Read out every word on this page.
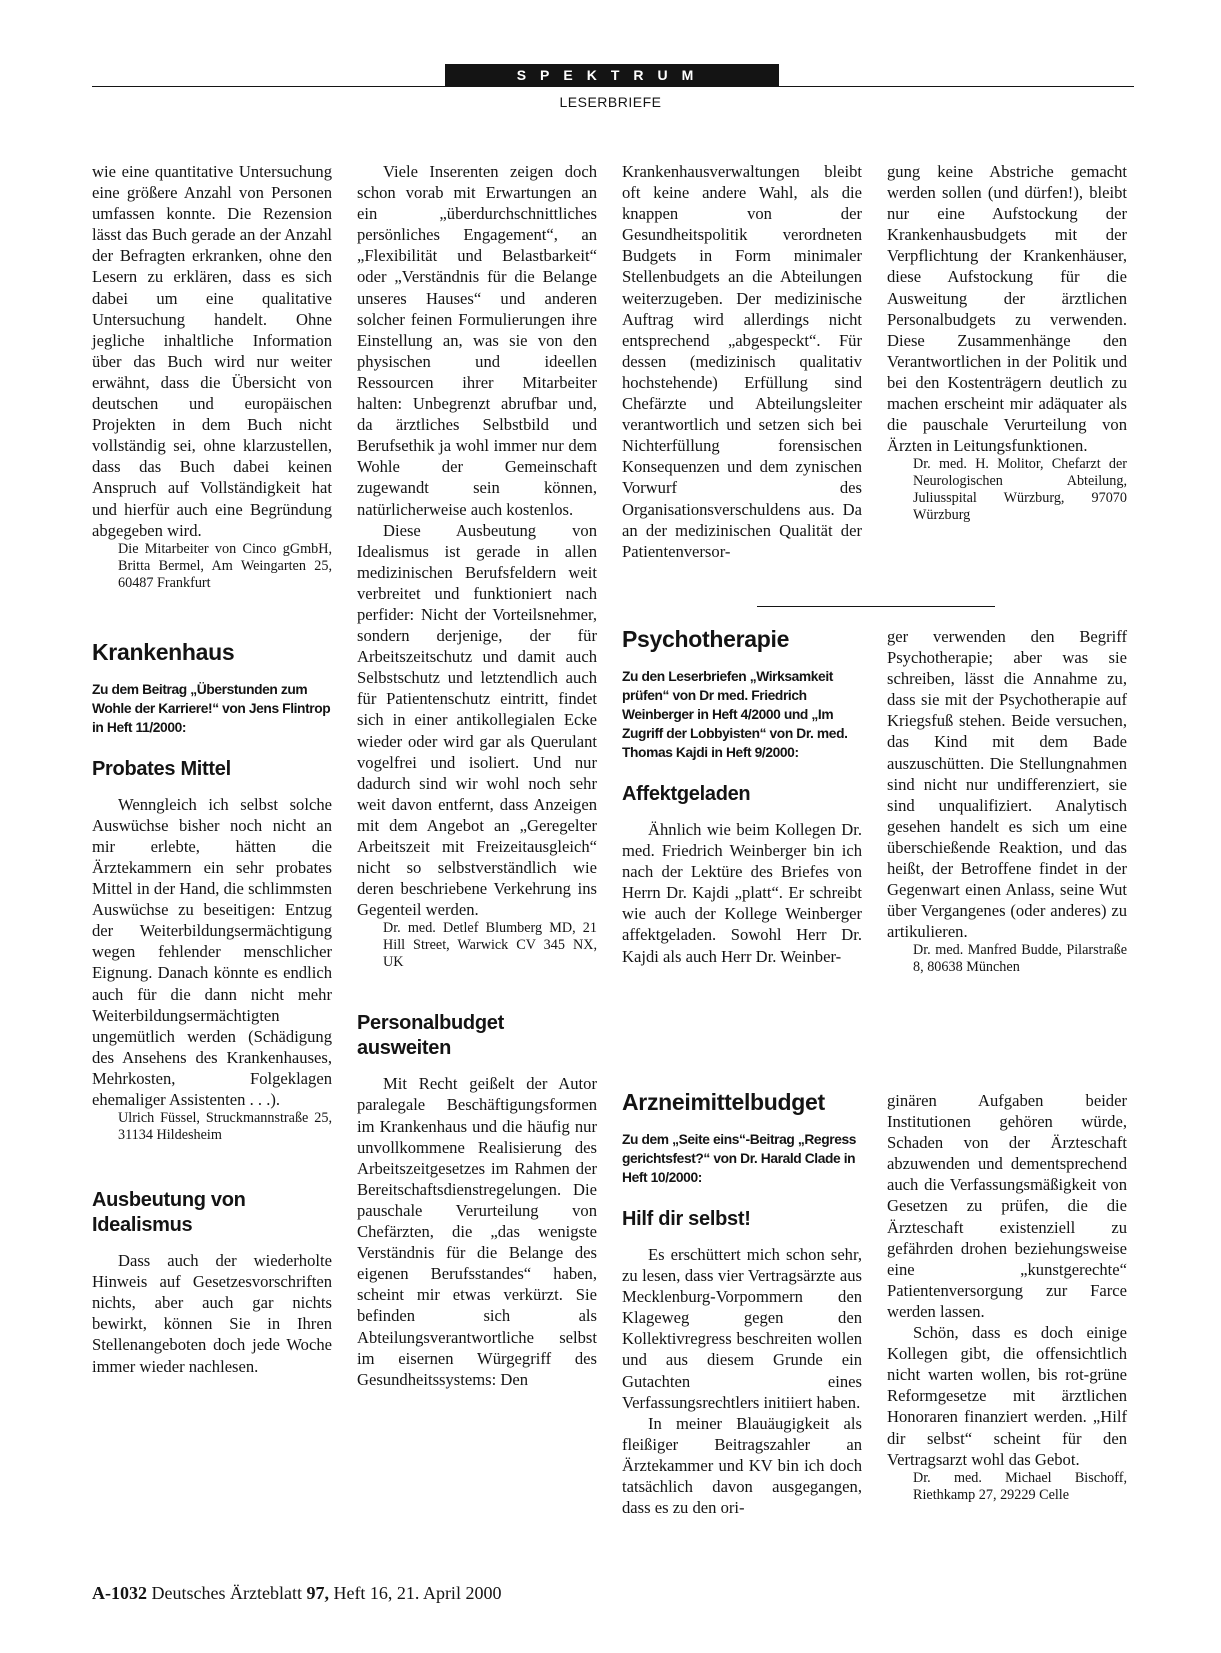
SPEKTRUM
LESERBRIEFE

wie eine quantitative Untersuchung eine größere Anzahl von Personen umfassen konnte. Die Rezension lässt das Buch gerade an der Anzahl der Befragten erkranken, ohne den Lesern zu erklären, dass es sich dabei um eine qualitative Untersuchung handelt. Ohne jegliche inhaltliche Information über das Buch wird nur weiter erwähnt, dass die Übersicht von deutschen und europäischen Projekten in dem Buch nicht vollständig sei, ohne klarzustellen, dass das Buch dabei keinen Anspruch auf Vollständigkeit hat und hierfür auch eine Begründung abgegeben wird.

Die Mitarbeiter von Cinco gGmbH, Britta Bermel, Am Weingarten 25, 60487 Frankfurt

Krankenhaus
Zu dem Beitrag „Überstunden zum Wohle der Karriere!“ von Jens Flintrop in Heft 11/2000:
Probates Mittel

Wenngleich ich selbst solche Auswüchse bisher noch nicht an mir erlebte, hätten die Ärztekammern ein sehr probates Mittel in der Hand, die schlimmsten Auswüchse zu beseitigen: Entzug der Weiterbildungsermächtigung wegen fehlender menschlicher Eignung. Danach könnte es endlich auch für die dann nicht mehr Weiterbildungsermächtigten ungemütlich werden (Schädigung des Ansehens des Krankenhauses, Mehrkosten, Folgeklagen ehemaliger Assistenten . . .).

Ulrich Füssel, Struckmannstraße 25, 31134 Hildesheim

Ausbeutung von Idealismus

Dass auch der wiederholte Hinweis auf Gesetzesvorschriften nichts, aber auch gar nichts bewirkt, können Sie in Ihren Stellenangeboten doch jede Woche immer wieder nachlesen.

Viele Inserenten zeigen doch schon vorab mit Erwartungen an ein „überdurchschnittliches persönliches Engagement“, an „Flexibilität und Belastbarkeit“ oder „Verständnis für die Belange unseres Hauses“ und anderen solcher feinen Formulierungen ihre Einstellung an, was sie von den physischen und ideellen Ressourcen ihrer Mitarbeiter halten: Unbegrenzt abrufbar und, da ärztliches Selbstbild und Berufsethik ja wohl immer nur dem Wohle der Gemeinschaft zugewandt sein können, natürlicherweise auch kostenlos.

Diese Ausbeutung von Idealismus ist gerade in allen medizinischen Berufsfeldern weit verbreitet und funktioniert nach perfider: Nicht der Vorteilsnehmer, sondern derjenige, der für Arbeitszeitschutz und damit auch Selbstschutz und letztendlich auch für Patientenschutz eintritt, findet sich in einer antikollegialen Ecke wieder oder wird gar als Querulant vogelfrei und isoliert. Und nur dadurch sind wir wohl noch sehr weit davon entfernt, dass Anzeigen mit dem Angebot an „Geregelter Arbeitszeit mit Freizeitausgleich“ nicht so selbstverständlich wie deren beschriebene Verkehrung ins Gegenteil werden.

Dr. med. Detlef Blumberg MD, 21 Hill Street, Warwick CV 345 NX, UK

Personalbudget ausweiten

Mit Recht geißelt der Autor paralegale Beschäftigungsformen im Krankenhaus und die häufig nur unvollkommene Realisierung des Arbeitszeitgesetzes im Rahmen der Bereitschaftsdienstregelungen. Die pauschale Verurteilung von Chefärzten, die „das wenigste Verständnis für die Belange des eigenen Berufsstandes“ haben, scheint mir etwas verkürzt. Sie befinden sich als Abteilungsverantwortliche selbst im eisernen Würgegriff des Gesundheitssystems: Den

Krankenhausverwaltungen bleibt oft keine andere Wahl, als die knappen von der Gesundheitspolitik verordneten Budgets in Form minimaler Stellenbudgets an die Abteilungen weiterzugeben. Der medizinische Auftrag wird allerdings nicht entsprechend „abgespeckt“. Für dessen (medizinisch qualitativ hochstehende) Erfüllung sind Chefärzte und Abteilungsleiter verantwortlich und setzen sich bei Nichterfüllung forensischen Konsequenzen und dem zynischen Vorwurf des Organisationsverschuldens aus. Da an der medizinischen Qualität der Patientenversor-

Psychotherapie
Zu den Leserbriefen „Wirksamkeit prüfen“ von Dr med. Friedrich Weinberger in Heft 4/2000 und „Im Zugriff der Lobbyisten“ von Dr. med. Thomas Kajdi in Heft 9/2000:
Affektgeladen

Ähnlich wie beim Kollegen Dr. med. Friedrich Weinberger bin ich nach der Lektüre des Briefes von Herrn Dr. Kajdi „platt“. Er schreibt wie auch der Kollege Weinberger affektgeladen. Sowohl Herr Dr. Kajdi als auch Herr Dr. Weinber-

Arzneimittelbudget
Zu dem „Seite eins“-Beitrag „Regress gerichtsfest?“ von Dr. Harald Clade in Heft 10/2000:
Hilf dir selbst!

Es erschüttert mich schon sehr, zu lesen, dass vier Vertragsärzte aus Mecklenburg-Vorpommern den Klageweg gegen den Kollektivregress beschreiten wollen und aus diesem Grunde ein Gutachten eines Verfassungsrechtlers initiiert haben.

In meiner Blauäugigkeit als fleißiger Beitragszahler an Ärztekammer und KV bin ich doch tatsächlich davon ausgegangen, dass es zu den ori-

gung keine Abstriche gemacht werden sollen (und dürfen!), bleibt nur eine Aufstockung der Krankenhausbudgets mit der Verpflichtung der Krankenhäuser, diese Aufstockung für die Ausweitung der ärztlichen Personalbudgets zu verwenden. Diese Zusammenhänge den Verantwortlichen in der Politik und bei den Kostenträgern deutlich zu machen erscheint mir adäquater als die pauschale Verurteilung von Ärzten in Leitungsfunktionen.

Dr. med. H. Molitor, Chefarzt der Neurologischen Abteilung, Juliusspital Würzburg, 97070 Würzburg

ger verwenden den Begriff Psychotherapie; aber was sie schreiben, lässt die Annahme zu, dass sie mit der Psychotherapie auf Kriegsfuß stehen. Beide versuchen, das Kind mit dem Bade auszuschütten. Die Stellungnahmen sind nicht nur undifferenziert, sie sind unqualifiziert. Analytisch gesehen handelt es sich um eine überschießende Reaktion, und das heißt, der Betroffene findet in der Gegenwart einen Anlass, seine Wut über Vergangenes (oder anderes) zu artikulieren.

Dr. med. Manfred Budde, Pilarstraße 8, 80638 München

ginären Aufgaben beider Institutionen gehören würde, Schaden von der Ärzteschaft abzuwenden und dementsprechend auch die Verfassungsmäßigkeit von Gesetzen zu prüfen, die die Ärzteschaft existenziell zu gefährden drohen beziehungsweise eine „kunstgerechte“ Patientenversorgung zur Farce werden lassen.

Schön, dass es doch einige Kollegen gibt, die offensichtlich nicht warten wollen, bis rot-grüne Reformgesetze mit ärztlichen Honoraren finanziert werden. „Hilf dir selbst“ scheint für den Vertragsarzt wohl das Gebot.

Dr. med. Michael Bischoff, Riethkamp 27, 29229 Celle

A-1032 Deutsches Ärzteblatt 97, Heft 16, 21. April 2000
